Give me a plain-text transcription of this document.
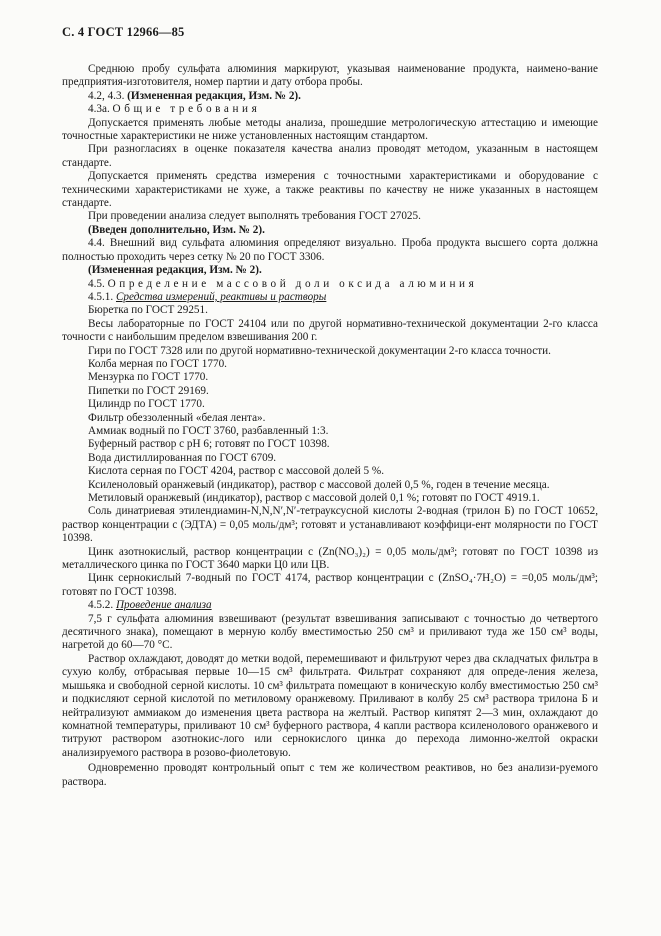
С. 4 ГОСТ 12966—85

Среднюю пробу сульфата алюминия маркируют, указывая наименование продукта, наимено-вание предприятия-изготовителя, номер партии и дату отбора пробы.

4.2, 4.3. (Измененная редакция, Изм. № 2).

4.3а. Общие требования

Допускается применять любые методы анализа, прошедшие метрологическую аттестацию и имеющие точностные характеристики не ниже установленных настоящим стандартом.

При разногласиях в оценке показателя качества анализ проводят методом, указанным в настоящем стандарте.

Допускается применять средства измерения с точностными характеристиками и оборудование с техническими характеристиками не хуже, а также реактивы по качеству не ниже указанных в настоящем стандарте.

При проведении анализа следует выполнять требования ГОСТ 27025.

(Введен дополнительно, Изм. № 2).

4.4. Внешний вид сульфата алюминия определяют визуально. Проба продукта высшего сорта должна полностью проходить через сетку № 20 по ГОСТ 3306.

(Измененная редакция, Изм. № 2).

4.5. Определение массовой доли оксида алюминия

4.5.1. Средства измерений, реактивы и растворы

Бюретка по ГОСТ 29251.

Весы лабораторные по ГОСТ 24104 или по другой нормативно-технической документации 2-го класса точности с наибольшим пределом взвешивания 200 г.

Гири по ГОСТ 7328 или по другой нормативно-технической документации 2-го класса точности.

Колба мерная по ГОСТ 1770.

Мензурка по ГОСТ 1770.

Пипетки по ГОСТ 29169.

Цилиндр по ГОСТ 1770.

Фильтр обеззоленный «белая лента».

Аммиак водный по ГОСТ 3760, разбавленный 1:3.

Буферный раствор с рН 6; готовят по ГОСТ 10398.

Вода дистиллированная по ГОСТ 6709.

Кислота серная по ГОСТ 4204, раствор с массовой долей 5 %.

Ксиленоловый оранжевый (индикатор), раствор с массовой долей 0,5 %, годен в течение месяца.

Метиловый оранжевый (индикатор), раствор с массовой долей 0,1 %; готовят по ГОСТ 4919.1.

Соль динатриевая этилендиамин-N,N,N′,N′-тетрауксусной кислоты 2-водная (трилон Б) по ГОСТ 10652, раствор концентрации с (ЭДТА) = 0,05 моль/дм³; готовят и устанавливают коэффици-ент молярности по ГОСТ 10398.

Цинк азотнокислый, раствор концентрации с (Zn(NO₃)₂) = 0,05 моль/дм³; готовят по ГОСТ 10398 из металлического цинка по ГОСТ 3640 марки Ц0 или ЦВ.

Цинк сернокислый 7-водный по ГОСТ 4174, раствор концентрации с (ZnSO₄·7H₂O) = =0,05 моль/дм³; готовят по ГОСТ 10398.

4.5.2. Проведение анализа

7,5 г сульфата алюминия взвешивают (результат взвешивания записывают с точностью до четвертого десятичного знака), помещают в мерную колбу вместимостью 250 см³ и приливают туда же 150 см³ воды, нагретой до 60—70 °С.

Раствор охлаждают, доводят до метки водой, перемешивают и фильтруют через два складчатых фильтра в сухую колбу, отбрасывая первые 10—15 см³ фильтрата. Фильтрат сохраняют для опреде-ления железа, мышьяка и свободной серной кислоты. 10 см³ фильтрата помещают в коническую колбу вместимостью 250 см³ и подкисляют серной кислотой по метиловому оранжевому. Приливают в колбу 25 см³ раствора трилона Б и нейтрализуют аммиаком до изменения цвета раствора на желтый. Раствор кипятят 2—3 мин, охлаждают до комнатной температуры, приливают 10 см³ буферного раствора, 4 капли раствора ксиленолового оранжевого и титруют раствором азотнокис-лого или сернокислого цинка до перехода лимонно-желтой окраски анализируемого раствора в розово-фиолетовую.

Одновременно проводят контрольный опыт с тем же количеством реактивов, но без анализи-руемого раствора.
